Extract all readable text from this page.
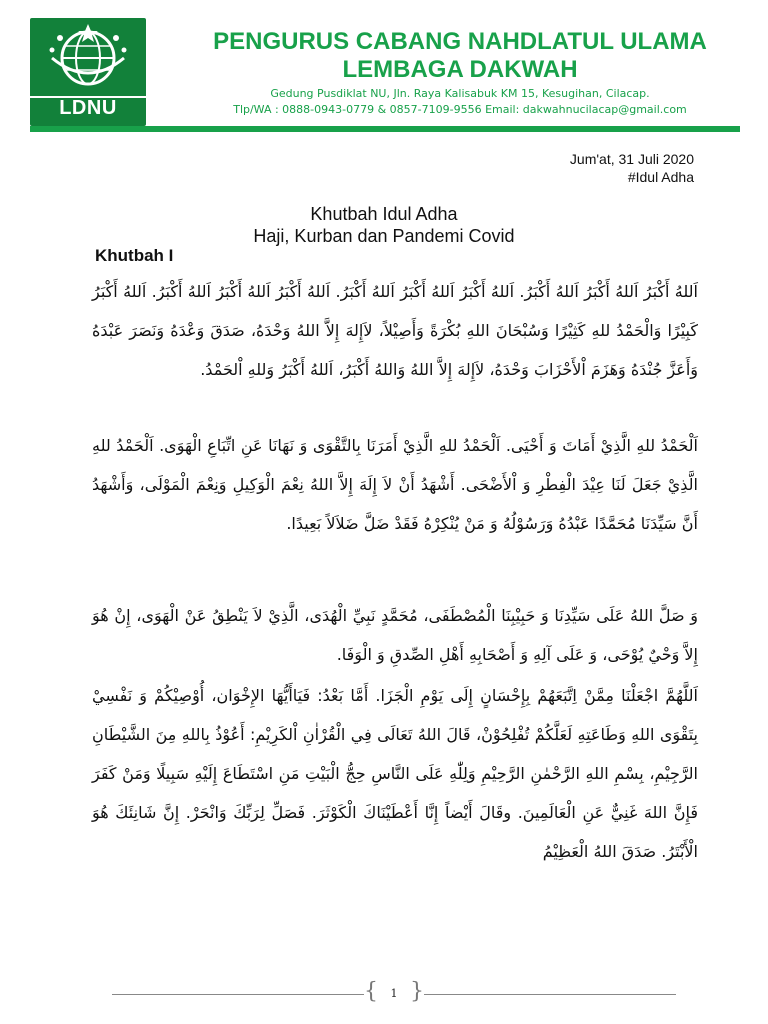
LDNU
PENGURUS CABANG NAHDLATUL ULAMA
LEMBAGA DAKWAH
Gedung Pusdiklat NU, Jln. Raya Kalisabuk KM 15, Kesugihan, Cilacap.
Tlp/WA : 0888-0943-0779 & 0857-7109-9556 Email: dakwahnucilacap@gmail.com
Jum'at, 31 Juli 2020
#Idul Adha
Khutbah Idul Adha
Haji, Kurban dan Pandemi Covid
Khutbah I
اَللهُ أَكْبَرُ اَللهُ أَكْبَرُ اَللهُ أَكْبَرُ. اَللهُ أَكْبَرُ اَللهُ أَكْبَرُ اَللهُ أَكْبَرُ. اَللهُ أَكْبَرُ اَللهُ أَكْبَرُ اَللهُ أَكْبَرُ. اَللهُ أَكْبَرُ كَبِيْرًا وَالْحَمْدُ للهِ كَثِيْرًا وَسُبْحَانَ اللهِ بُكْرَةً وَأَصِيْلاً، لاَإِلهَ إِلاَّ اللهُ وَحْدَهُ، صَدَقَ وَعْدَهُ وَنَصَرَ عَبْدَهُ وَأَعَزَّ جُنْدَهُ وَهَزَمَ اْلأَحْزَابَ وَحْدَهُ، لاَإِلهَ إِلاَّ اللهُ وَاللهُ أَكْبَرُ، اَللهُ أَكْبَرُ وَللهِ اْلحَمْدُ.
اَلْحَمْدُ للهِ الَّذِيْ أَمَاتَ وَ أَحْيَى. اَلْحَمْدُ للهِ الَّذِيْ أَمَرَنَا بِالتَّقْوَى وَ نَهَانَا عَنِ اتِّبَاعِ الْهَوَى. اَلْحَمْدُ للهِ الَّذِيْ جَعَلَ لَنَا عِيْدَ الْفِطْرِ وَ اْلأَضْحَى. أَشْهَدُ أَنْ لاَ إِلَهَ إِلاَّ اللهُ نِعْمَ الْوَكِيلِ وَنِعْمَ الْمَوْلَى، وَأَشْهَدُ أَنَّ سَيِّدَنَا مُحَمَّدًا عَبْدُهُ وَرَسُوْلُهُ وَ مَنْ يُنْكِرْهُ فَقَدْ ضَلَّ ضَلاَلاً بَعِيدًا.
وَ صَلَّ اللهُ عَلَى سَيِّدِنَا وَ حَبِيْبِنَا الْمُصْطَفَى، مُحَمَّدٍ نَبِيِّ الْهُدَى، الَّذِيْ لاَ يَنْطِقُ عَنْ الْهَوَى، إِنْ هُوَ إِلاَّ وَحْيٌ يُوْحَى، وَ عَلَى آلِهِ وَ أَصْحَابِهِ أَهْلِ الصِّدقِ وَ الْوَفَا.
اَللَّهُمَّ اجْعَلْنَا مِمَّنْ اِتَّبَعَهُمْ بِإِحْسَانٍ إِلَى يَوْمِ الْجَزَا. أَمَّا بَعْدُ: فَيَاأَيُّهَا الإِخْوَان، أُوْصِيْكُمْ وَ نَفْسِيْ بِتَقْوَى اللهِ وَطَاعَتِهِ لَعَلَّكُمْ تُفْلِحُوْنْ، قَالَ اللهُ تَعَالَى فِي الْقُرْاٰنِ اْلكَرِيْمِ: أَعُوْذُ بِاللهِ مِنَ الشَّيْطَانِ الرَّجِيْمِ، بِسْمِ اللهِ الرَّحْمٰنِ الرَّحِيْمِ وَلِلّٰهِ عَلَى النَّاسِ حِجُّ الْبَيْتِ مَنِ اسْتَطَاعَ إِلَيْهِ سَبِيلًا وَمَنْ كَفَرَ فَإِنَّ اللهَ غَنِيٌّ عَنِ الْعَالَمِينَ. وقَالَ أَيْضاً إِنَّا أَعْطَيْنَاكَ الْكَوْثَرَ. فَصَلِّ لِرَبِّكَ وَانْحَرْ. إِنَّ شَانِئَكَ هُوَ الْأَبْتَرُ. صَدَقَ اللهُ الْعَظِيْمُ
{ 1 }
